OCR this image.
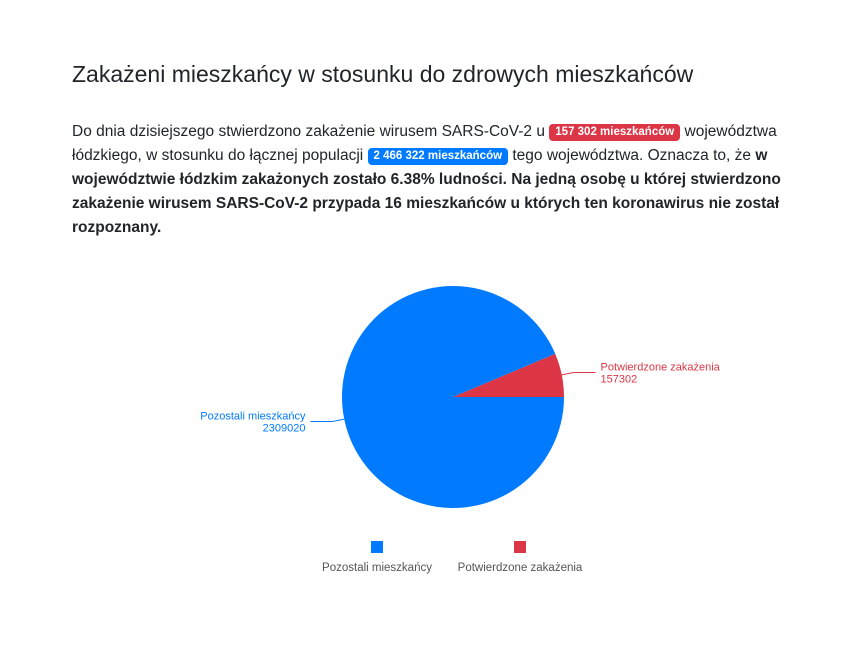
Zakażeni mieszkańcy w stosunku do zdrowych mieszkańców
Do dnia dzisiejszego stwierdzono zakażenie wirusem SARS-CoV-2 u 157 302 mieszkańców województwa łódzkiego, w stosunku do łącznej populacji 2 466 322 mieszkańców tego województwa. Oznacza to, że w województwie łódzkim zakażonych zostało 6.38% ludności. Na jedną osobę u której stwierdzono zakażenie wirusem SARS-CoV-2 przypada 16 mieszkańców u których ten koronawirus nie został rozpoznany.
Pozostali mieszkańcy
2309020
Potwierdzone zakażenia
157302
Pozostali mieszkańcy Potwierdzone zakażenia
